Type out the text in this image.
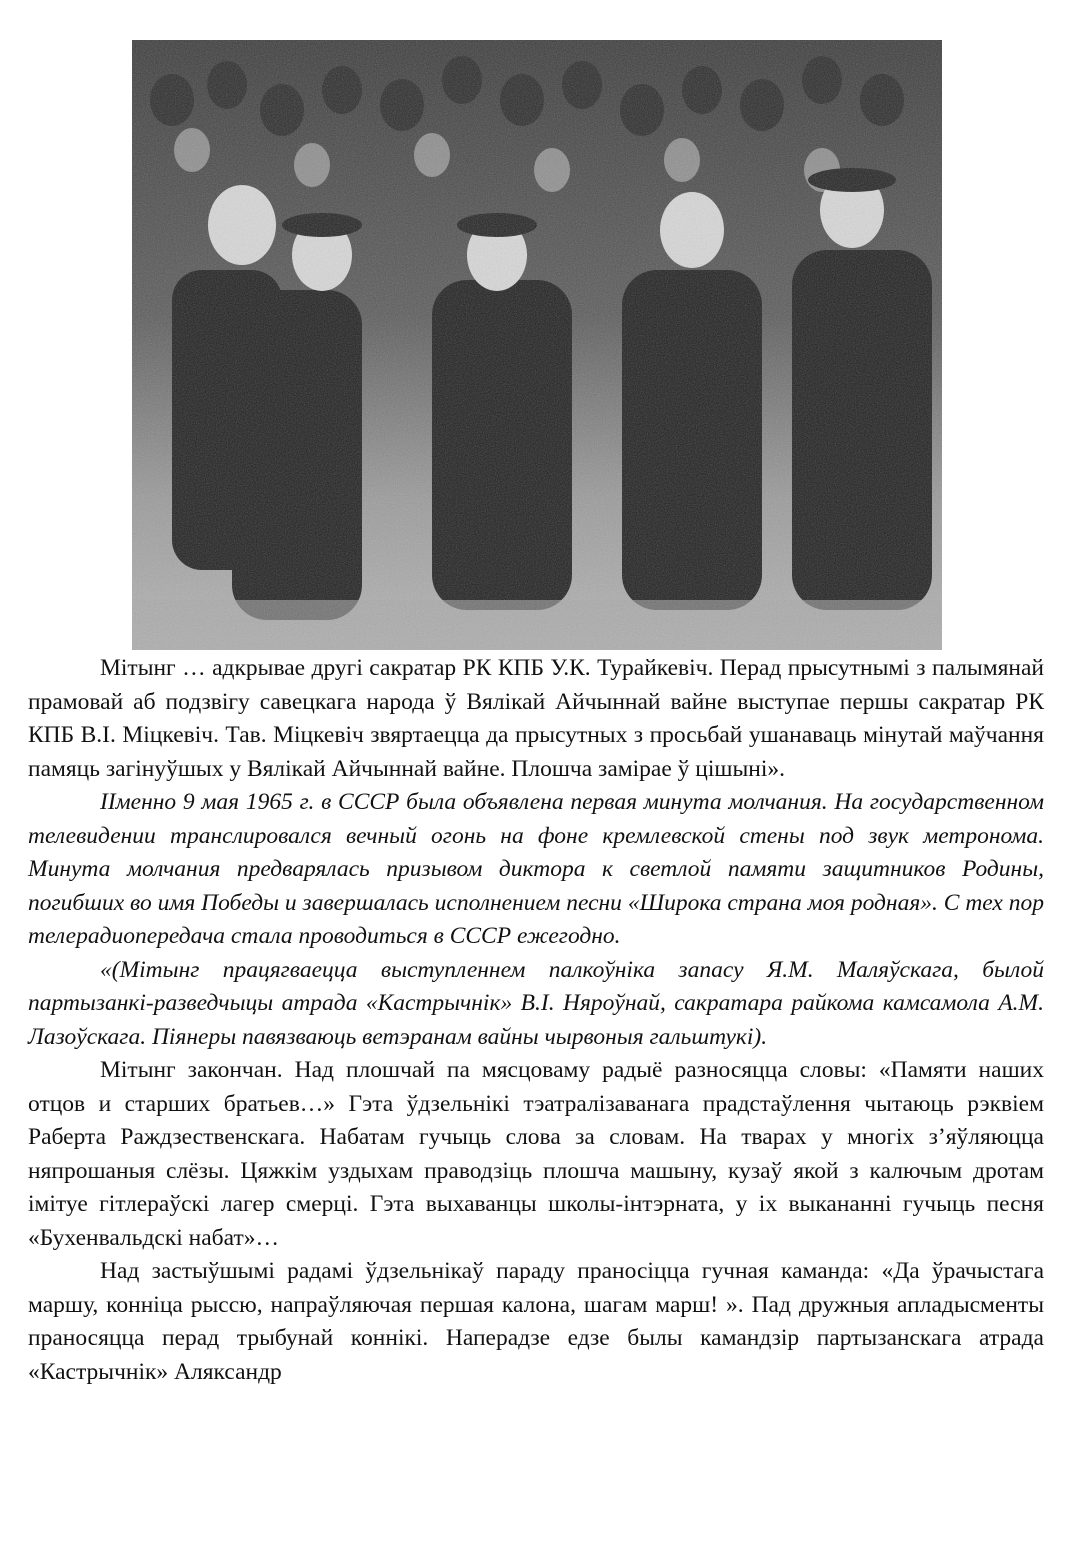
Мітынг … адкрывае другі сакратар РК КПБ У.К. Турайкевіч. Перад прысутнымі з палымянай прамовай аб подзвігу савецкага народа ў Вялікай Айчыннай вайне выступае першы сакратар РК КПБ В.І. Міцкевіч. Тав. Міцкевіч звяртаецца да прысутных з просьбай ушанаваць мінутай маўчання памяць загінуўшых у Вялікай Айчыннай вайне. Плошча замірае ў цішыні».

IIменно 9 мая 1965 г. в СССР была объявлена первая минута молчания. На государственном телевидении транслировался вечный огонь на фоне кремлевской стены под звук метронома. Минута молчания предварялась призывом диктора к светлой памяти защитников Родины, погибших во имя Победы и завершалась исполнением песни «Широка страна моя родная». С тех пор телерадиопередача стала проводиться в СССР ежегодно.

«(Мітынг працягваецца выступленнем палкоўніка запасу Я.М. Маляўскага, былой партызанкі-разведчыцы атрада «Кастрычнік» В.І. Няроўнай, сакратара райкома камсамола А.М. Лазоўскага. Піянеры павязваюць ветэранам вайны чырвоныя гальштукі).

Мітынг закончан. Над плошчай па мясцоваму радыё разносяцца словы: «Памяти наших отцов и старших братьев…» Гэта ўдзельнікі тэатралізаванага прадстаўлення чытаюць рэквіем Раберта Раждзественскага. Набатам гучыць слова за словам. На тварах у многіх з’яўляюцца няпрошаныя слёзы. Цяжкім уздыхам праводзіць плошча машыну, кузаў якой з калючым дротам імітуе гітлераўскі лагер смерці. Гэта выхаванцы школы-інтэрната, у іх выкананні гучыць песня «Бухенвальдскі набат»…

Над застыўшымі радамі ўдзельнікаў параду праносіцца гучная каманда: «Да ўрачыстага маршу, конніца рыссю, напраўляючая першая калона, шагам марш! ». Пад дружныя апладысменты праносяцца перад трыбунай коннікі. Наперадзе едзе былы камандзір партызанскага атрада «Кастрычнік» Аляксандр
